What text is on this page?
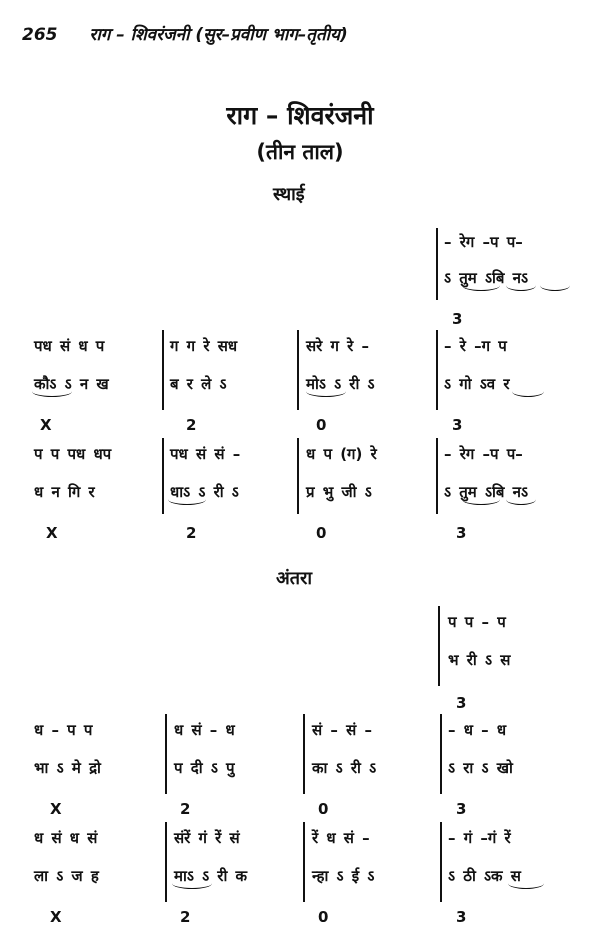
265 राग – शिवरंजनी (सुर–प्रवीण भाग–तृतीय)
राग – शिवरंजनी
(तीन ताल)
स्थाई
– रेग –प प–
ऽ तुम ऽबि नऽ
3
पध सं ध प	ग ग रे सध	सरे ग रे –	– रे –ग प
कौऽ ऽ न ख	ब र ले ऽ	मोऽ ऽ री ऽ	ऽ गो ऽव र
X	2	0	3
प प पध धप	पध सं सं –	ध प (ग) रे	– रेग –प प–
ध न गि र	धाऽ ऽ री ऽ	प्र भु जी ऽ	ऽ तुम ऽबि नऽ
X	2	0	3
अंतरा
प प – प
भ री ऽ स
3
ध – प प	ध सं – ध	सं – सं –	– ध – ध
भा ऽ मे द्रो	प दी ऽ पु	का ऽ री ऽ	ऽ रा ऽ खो
X	2	0	3
ध सं ध सं	संरें गं रें सं	रें ध सं –	– गं –गं रें
ला ऽ ज ह	माऽ ऽ री क	न्हा ऽ ई ऽ	ऽ ठी ऽक स
X	2	0	3
